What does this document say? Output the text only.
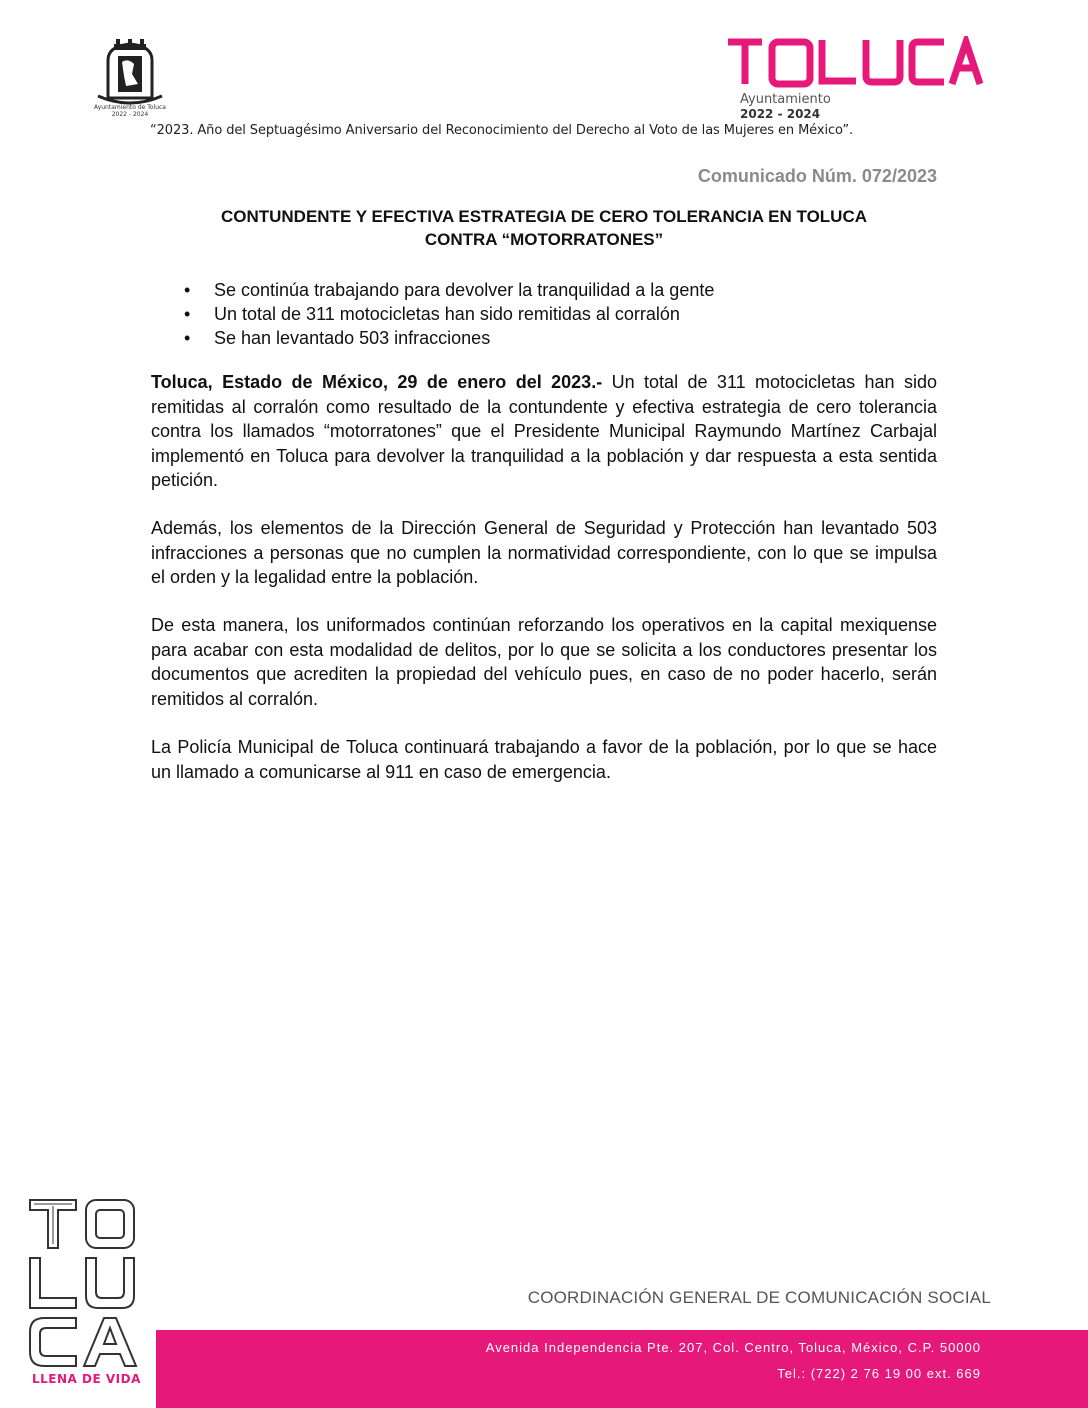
Ayuntamiento de Toluca
2022 - 2024
Ayuntamiento
2022 - 2024
“2023. Año del Septuagésimo Aniversario del Reconocimiento del Derecho al Voto de las Mujeres en México”.
Comunicado Núm. 072/2023
CONTUNDENTE Y EFECTIVA ESTRATEGIA DE CERO TOLERANCIA EN TOLUCA
CONTRA “MOTORRATONES”
• Se continúa trabajando para devolver la tranquilidad a la gente
• Un total de 311 motocicletas han sido remitidas al corralón
• Se han levantado 503 infracciones
Toluca, Estado de México, 29 de enero del 2023.- Un total de 311 motocicletas han sido remitidas al corralón como resultado de la contundente y efectiva estrategia de cero tolerancia contra los llamados “motorratones” que el Presidente Municipal Raymundo Martínez Carbajal implementó en Toluca para devolver la tranquilidad a la población y dar respuesta a esta sentida petición.
Además, los elementos de la Dirección General de Seguridad y Protección han levantado 503 infracciones a personas que no cumplen la normatividad correspondiente, con lo que se impulsa el orden y la legalidad entre la población.
De esta manera, los uniformados continúan reforzando los operativos en la capital mexiquense para acabar con esta modalidad de delitos, por lo que se solicita a los conductores presentar los documentos que acrediten la propiedad del vehículo pues, en caso de no poder hacerlo, serán remitidos al corralón.
La Policía Municipal de Toluca continuará trabajando a favor de la población, por lo que se hace un llamado a comunicarse al 911 en caso de emergencia.
LLENA DE VIDA
COORDINACIÓN GENERAL DE COMUNICACIÓN SOCIAL
Avenida Independencia Pte. 207, Col. Centro, Toluca, México, C.P. 50000
Tel.: (722) 2 76 19 00 ext. 669
